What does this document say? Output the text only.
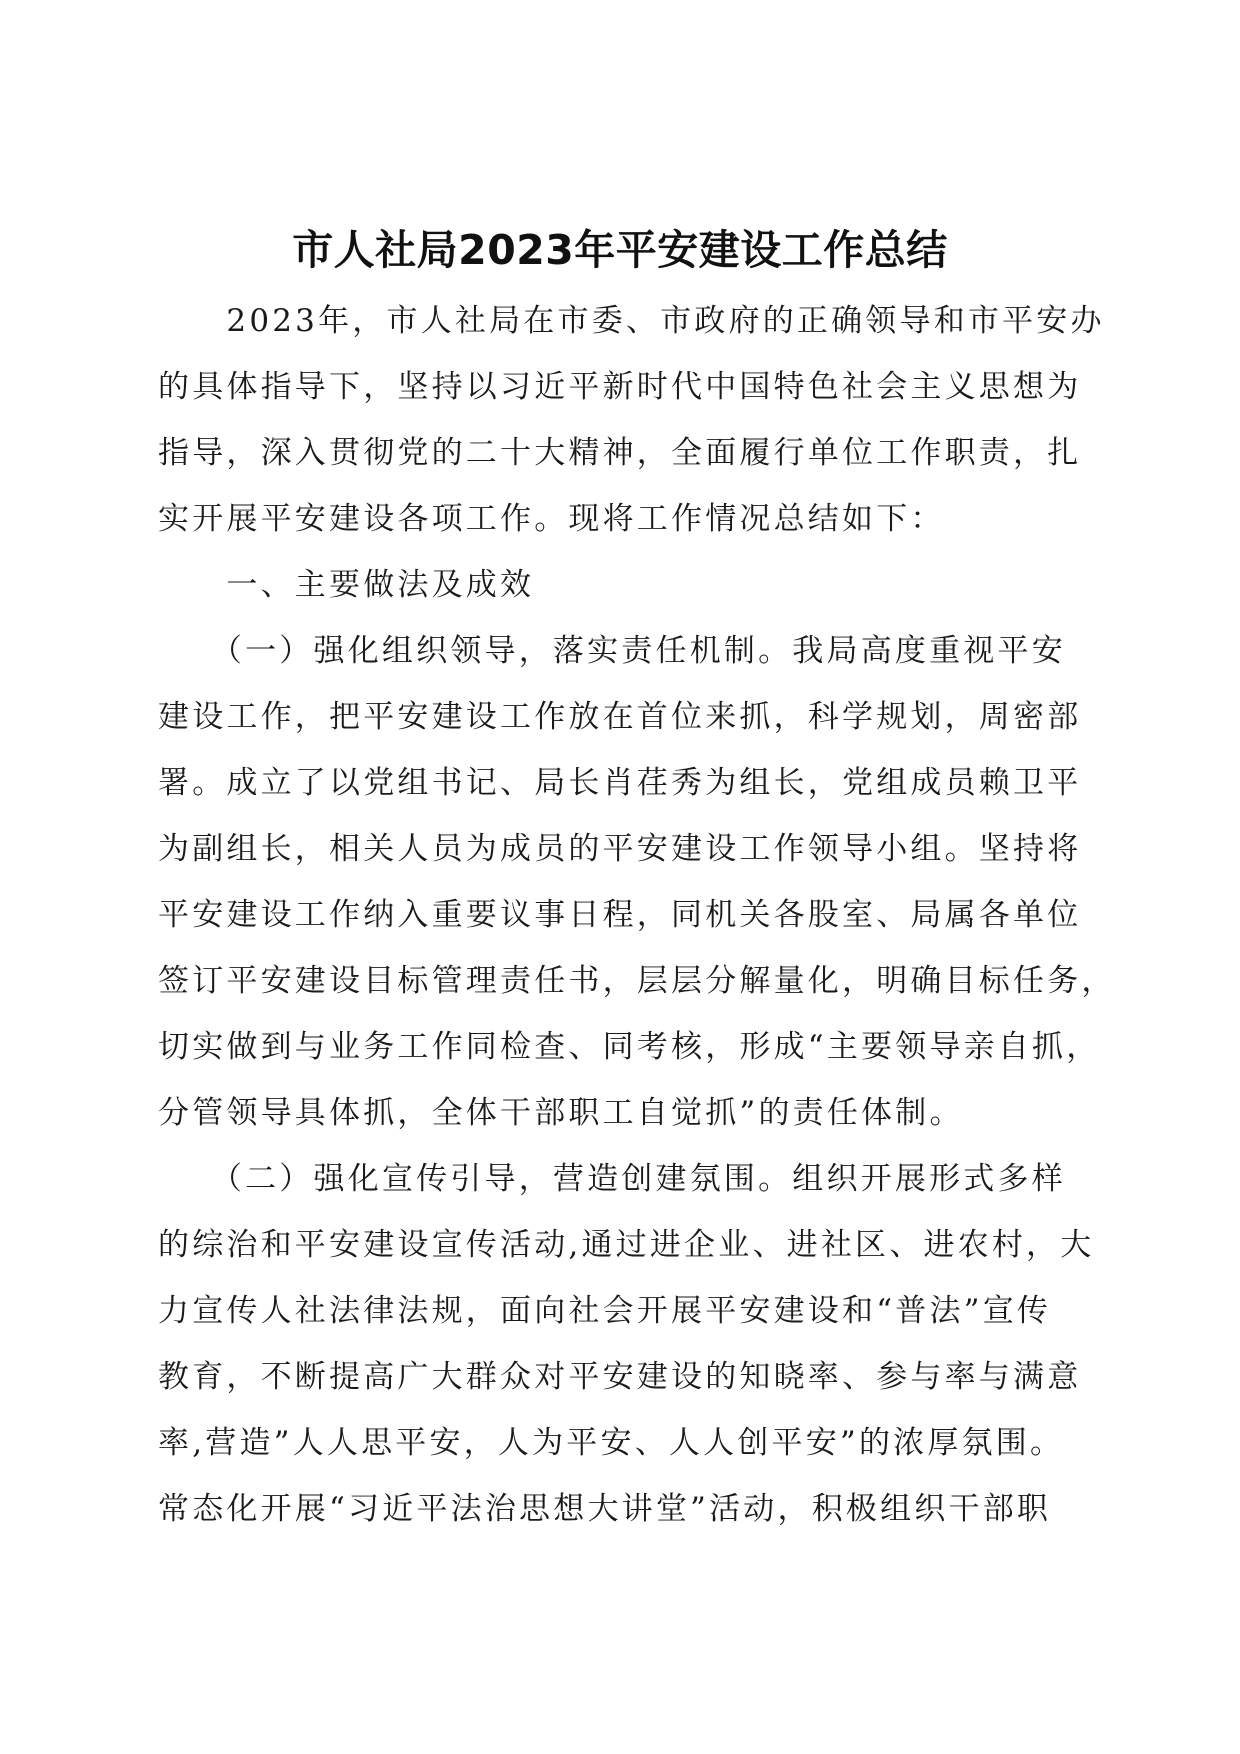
市人社局2023年平安建设工作总结
　　2023年，市人社局在市委、市政府的正确领导和市平安办
的具体指导下，坚持以习近平新时代中国特色社会主义思想为
指导，深入贯彻党的二十大精神，全面履行单位工作职责，扎
实开展平安建设各项工作。现将工作情况总结如下：
　　一、主要做法及成效
　　（一）强化组织领导，落实责任机制。我局高度重视平安
建设工作，把平安建设工作放在首位来抓，科学规划，周密部
署。成立了以党组书记、局长肖荏秀为组长，党组成员赖卫平
为副组长，相关人员为成员的平安建设工作领导小组。坚持将
平安建设工作纳入重要议事日程，同机关各股室、局属各单位
签订平安建设目标管理责任书，层层分解量化，明确目标任务，
切实做到与业务工作同检查、同考核，形成“主要领导亲自抓，
分管领导具体抓，全体干部职工自觉抓”的责任体制。
　　（二）强化宣传引导，营造创建氛围。组织开展形式多样
的综治和平安建设宣传活动,通过进企业、进社区、进农村，大
力宣传人社法律法规，面向社会开展平安建设和“普法”宣传
教育，不断提高广大群众对平安建设的知晓率、参与率与满意
率,营造”人人思平安，人为平安、人人创平安”的浓厚氛围。
常态化开展“习近平法治思想大讲堂”活动，积极组织干部职
